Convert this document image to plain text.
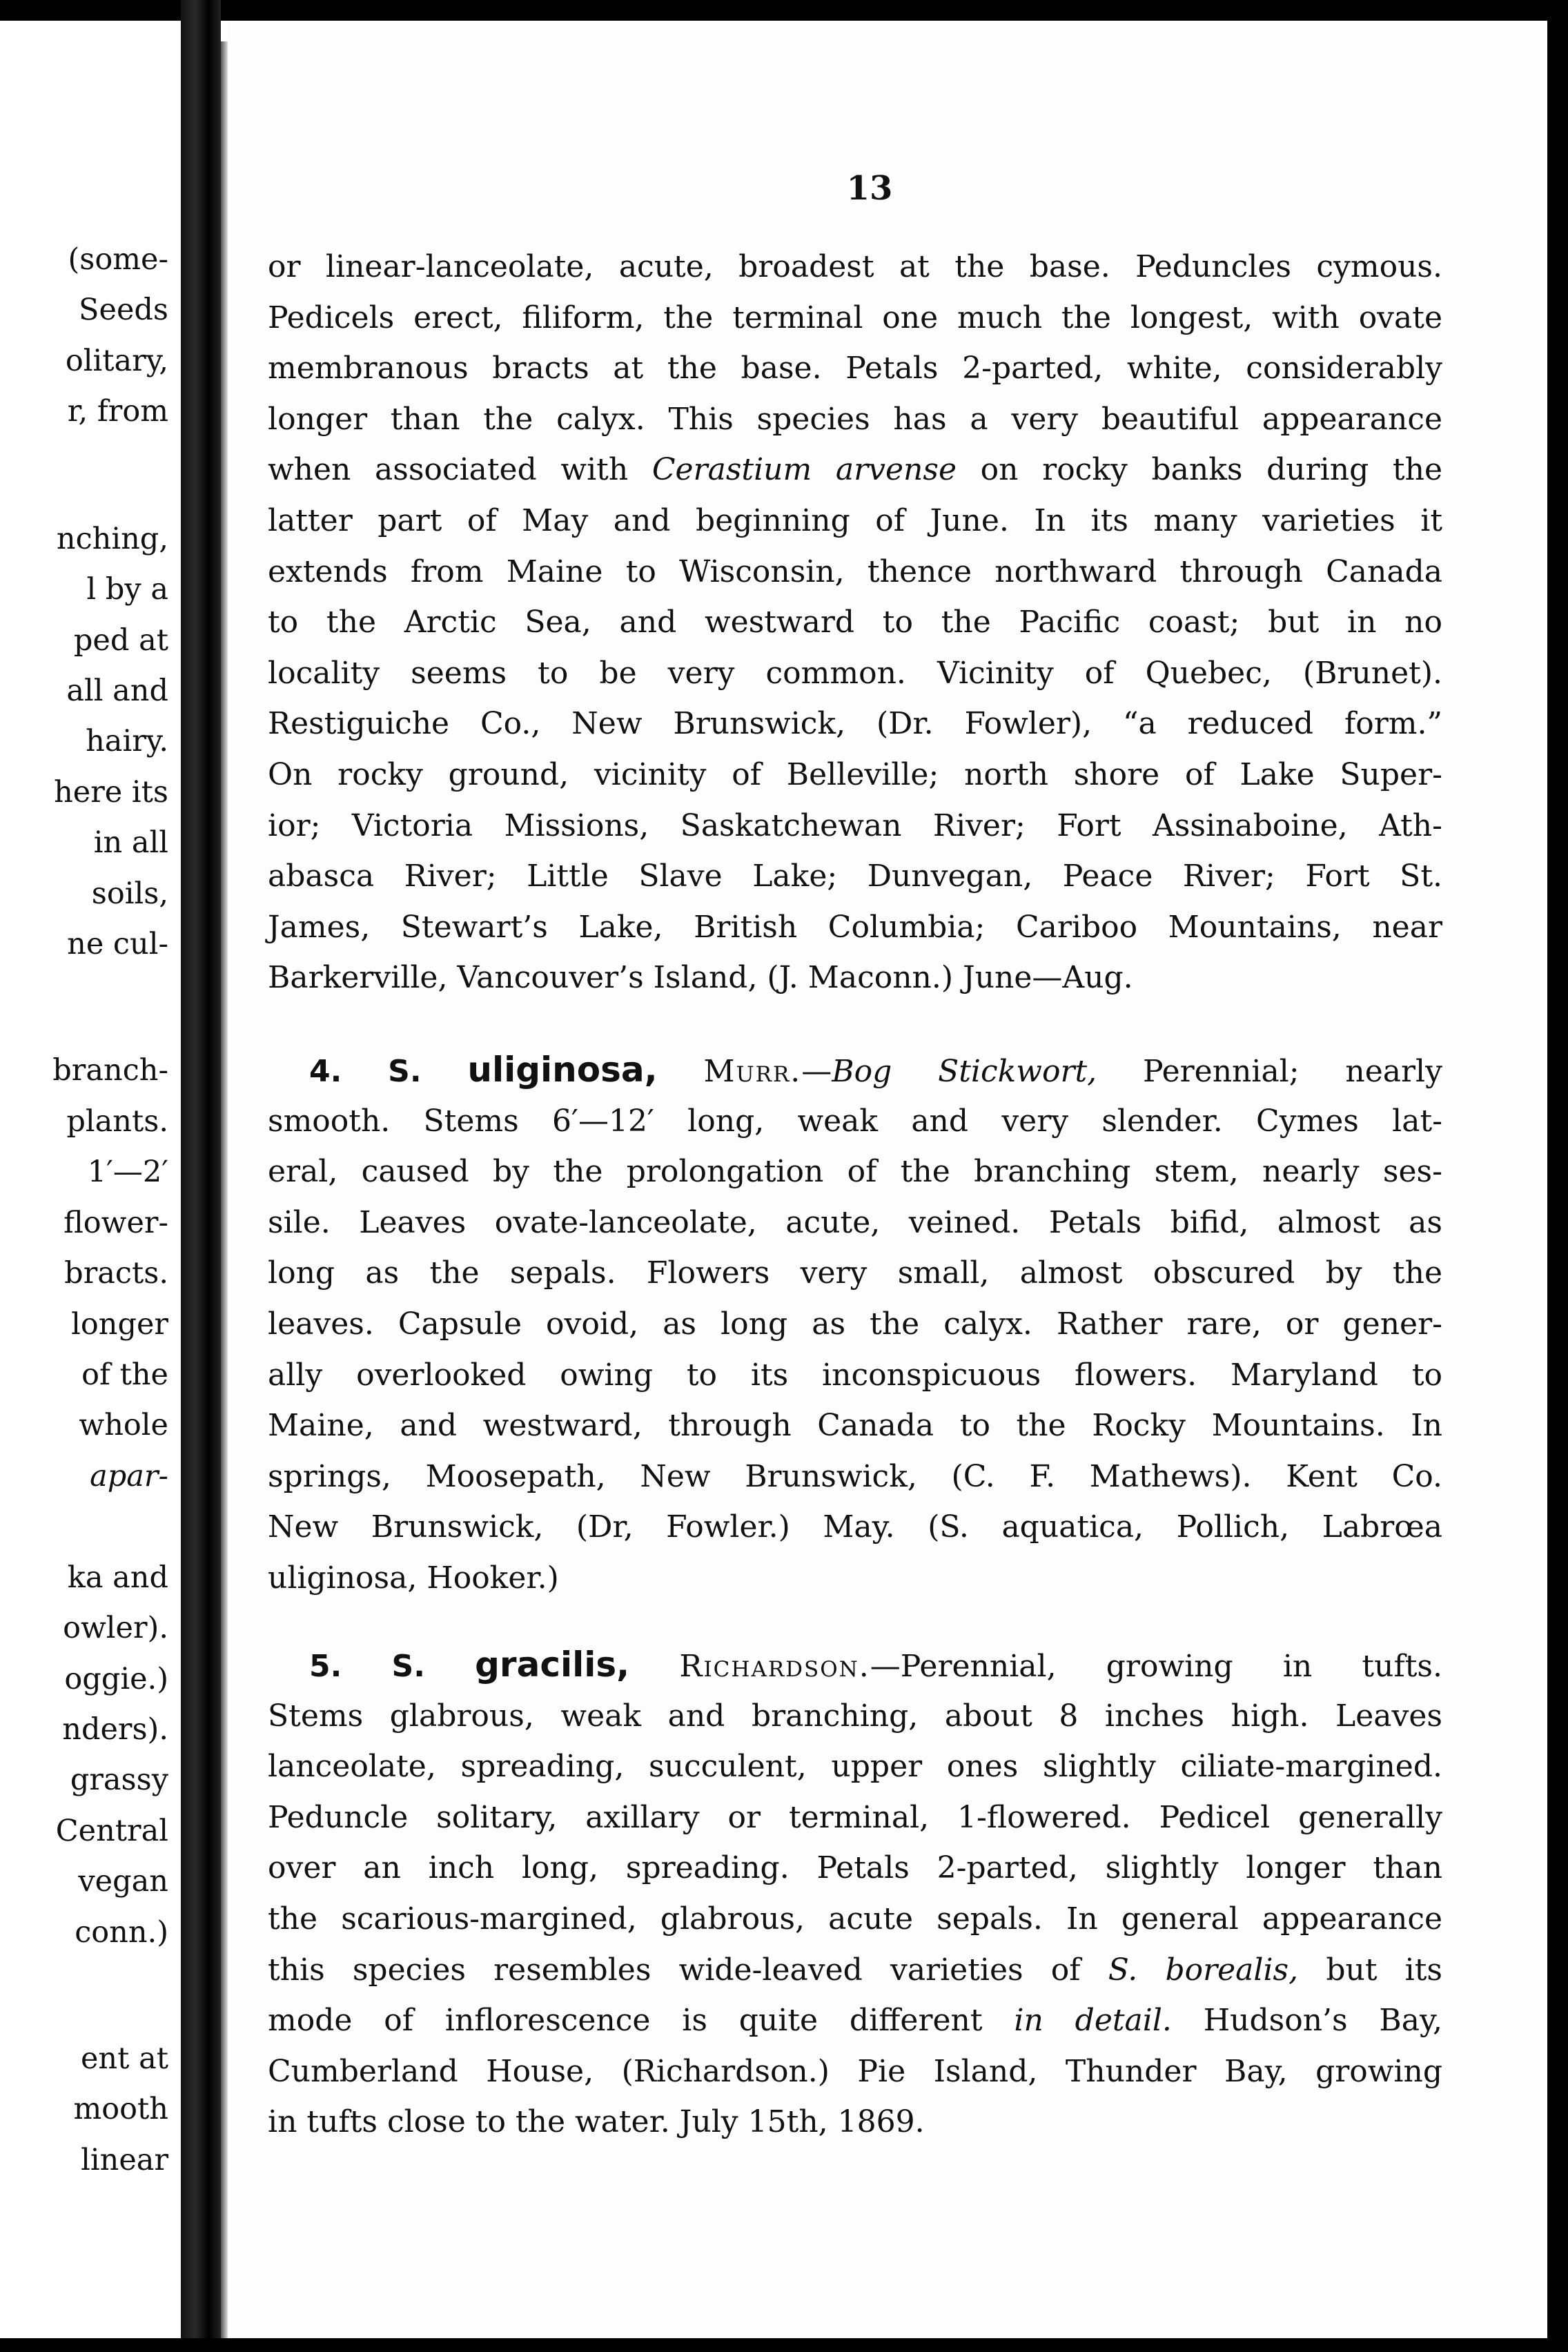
(some-
Seeds
olitary,
r, from
nching,
l by a
ped at
all and
hairy.
here its
in all
soils,
ne cul-
branch-
plants.
1′—2′
flower-
bracts.
longer
of the
whole
apar-
ka and
owler).
oggie.)
nders).
grassy
Central
vegan
conn.)
ent at
mooth
linear
13
or linear-lanceolate, acute, broadest at the base. Peduncles cymous.
Pedicels erect, filiform, the terminal one much the longest, with ovate
membranous bracts at the base. Petals 2-parted, white, considerably
longer than the calyx. This species has a very beautiful appearance
when associated with Cerastium arvense on rocky banks during the
latter part of May and beginning of June. In its many varieties it
extends from Maine to Wisconsin, thence northward through Canada
to the Arctic Sea, and westward to the Pacific coast; but in no
locality seems to be very common. Vicinity of Quebec, (Brunet).
Restiguiche Co., New Brunswick, (Dr. Fowler), “a reduced form.”
On rocky ground, vicinity of Belleville; north shore of Lake Super-
ior; Victoria Missions, Saskatchewan River; Fort Assinaboine, Ath-
abasca River; Little Slave Lake; Dunvegan, Peace River; Fort St.
James, Stewart’s Lake, British Columbia; Cariboo Mountains, near
Barkerville, Vancouver’s Island, (J. Maconn.) June—Aug.
4. S. uliginosa, Murr.—Bog Stickwort, Perennial; nearly
smooth. Stems 6′—12′ long, weak and very slender. Cymes lat-
eral, caused by the prolongation of the branching stem, nearly ses-
sile. Leaves ovate-lanceolate, acute, veined. Petals bifid, almost as
long as the sepals. Flowers very small, almost obscured by the
leaves. Capsule ovoid, as long as the calyx. Rather rare, or gener-
ally overlooked owing to its inconspicuous flowers. Maryland to
Maine, and westward, through Canada to the Rocky Mountains. In
springs, Moosepath, New Brunswick, (C. F. Mathews). Kent Co.
New Brunswick, (Dr, Fowler.) May. (S. aquatica, Pollich, Labrœa
uliginosa, Hooker.)
5. S. gracilis, Richardson.—Perennial, growing in tufts.
Stems glabrous, weak and branching, about 8 inches high. Leaves
lanceolate, spreading, succulent, upper ones slightly ciliate-margined.
Peduncle solitary, axillary or terminal, 1-flowered. Pedicel generally
over an inch long, spreading. Petals 2-parted, slightly longer than
the scarious-margined, glabrous, acute sepals. In general appearance
this species resembles wide-leaved varieties of S. borealis, but its
mode of inflorescence is quite different in detail. Hudson’s Bay,
Cumberland House, (Richardson.) Pie Island, Thunder Bay, growing
in tufts close to the water. July 15th, 1869.
